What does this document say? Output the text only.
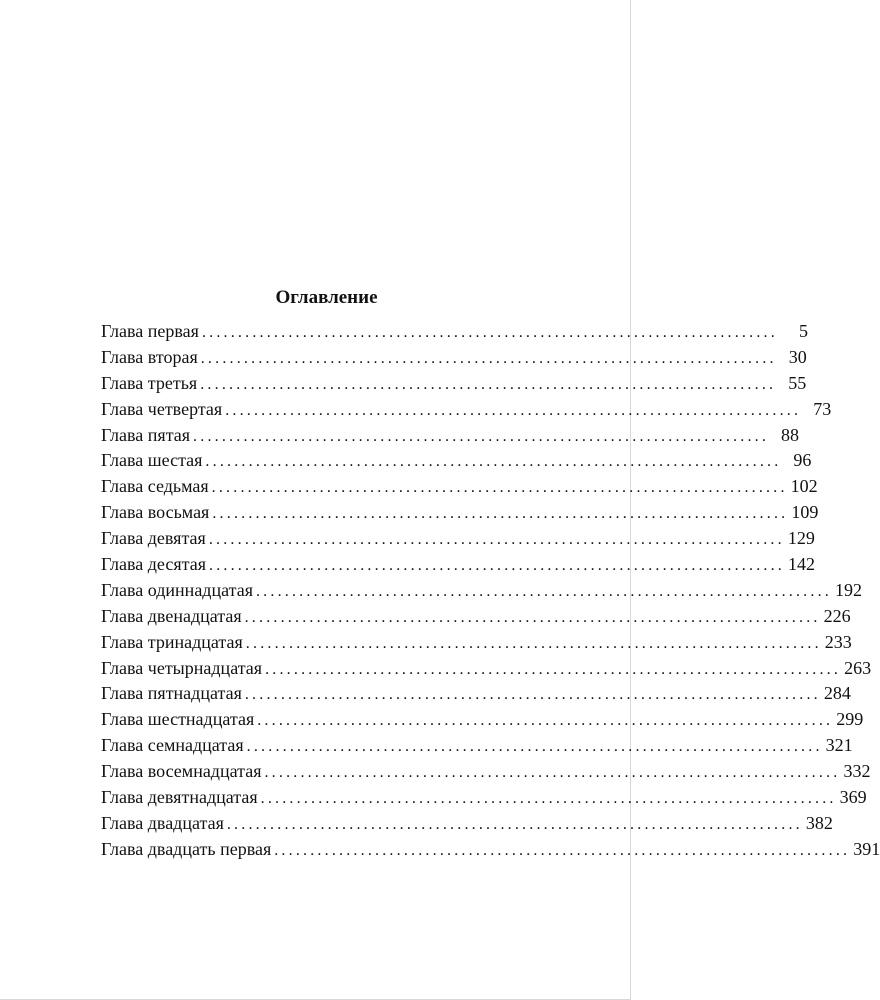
Оглавление
Глава первая ................................................................................	5
Глава вторая ................................................................................ 30
Глава третья ................................................................................ 55
Глава четвертая ................................................................................ 73
Глава пятая ................................................................................ 88
Глава шестая ................................................................................ 96
Глава седьмая ................................................................................ 102
Глава восьмая ................................................................................ 109
Глава девятая ................................................................................ 129
Глава десятая ................................................................................ 142
Глава одиннадцатая ................................................................................ 192
Глава двенадцатая ................................................................................ 226
Глава тринадцатая ................................................................................ 233
Глава четырнадцатая ................................................................................ 263
Глава пятнадцатая ................................................................................ 284
Глава шестнадцатая ................................................................................ 299
Глава семнадцатая ................................................................................ 321
Глава восемнадцатая ................................................................................ 332
Глава девятнадцатая ................................................................................ 369
Глава двадцатая ................................................................................ 382
Глава двадцать первая ................................................................................ 391
